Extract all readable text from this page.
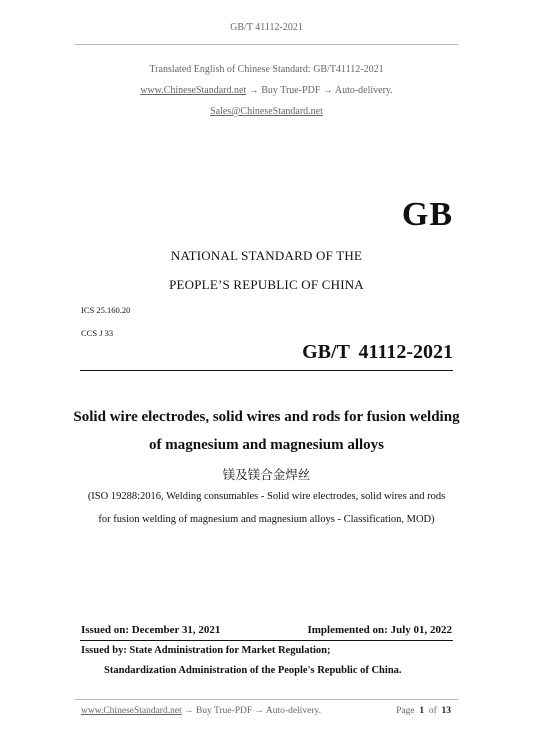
GB/T 41112-2021
Translated English of Chinese Standard: GB/T41112-2021
www.ChineseStandard.net → Buy True-PDF → Auto-delivery.
Sales@ChineseStandard.net
GB
NATIONAL STANDARD OF THE
PEOPLE’S REPUBLIC OF CHINA
ICS 25.160.20
CCS J 33
GB/T 41112-2021
Solid wire electrodes, solid wires and rods for fusion welding
of magnesium and magnesium alloys
镁及镁合金焊丝
(ISO 19288:2016, Welding consumables - Solid wire electrodes, solid wires and rods
for fusion welding of magnesium and magnesium alloys - Classification, MOD)
Issued on: December 31, 2021	Implemented on: July 01, 2022
Issued by: State Administration for Market Regulation;
Standardization Administration of the People's Republic of China.
www.ChineseStandard.net → Buy True-PDF → Auto-delivery.	Page 1 of 13
